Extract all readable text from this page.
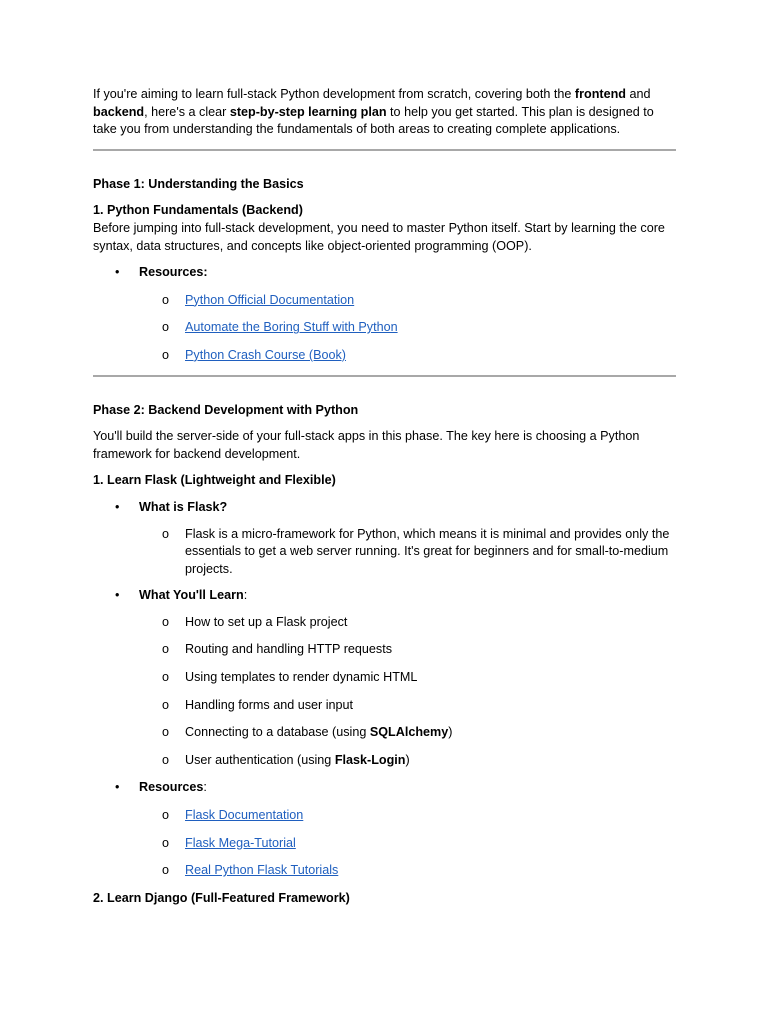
If you're aiming to learn full-stack Python development from scratch, covering both the frontend and backend, here's a clear step-by-step learning plan to help you get started. This plan is designed to take you from understanding the fundamentals of both areas to creating complete applications.

Phase 1: Understanding the Basics

1. Python Fundamentals (Backend)

Before jumping into full-stack development, you need to master Python itself. Start by learning the core syntax, data structures, and concepts like object-oriented programming (OOP).

• Resources:
o Python Official Documentation
o Automate the Boring Stuff with Python
o Python Crash Course (Book)

Phase 2: Backend Development with Python

You'll build the server-side of your full-stack apps in this phase. The key here is choosing a Python framework for backend development.

1. Learn Flask (Lightweight and Flexible)

• What is Flask?
o Flask is a micro-framework for Python, which means it is minimal and provides only the essentials to get a web server running. It's great for beginners and for small-to-medium projects.
• What You'll Learn:
o How to set up a Flask project
o Routing and handling HTTP requests
o Using templates to render dynamic HTML
o Handling forms and user input
o Connecting to a database (using SQLAlchemy)
o User authentication (using Flask-Login)
• Resources:
o Flask Documentation
o Flask Mega-Tutorial
o Real Python Flask Tutorials

2. Learn Django (Full-Featured Framework)
